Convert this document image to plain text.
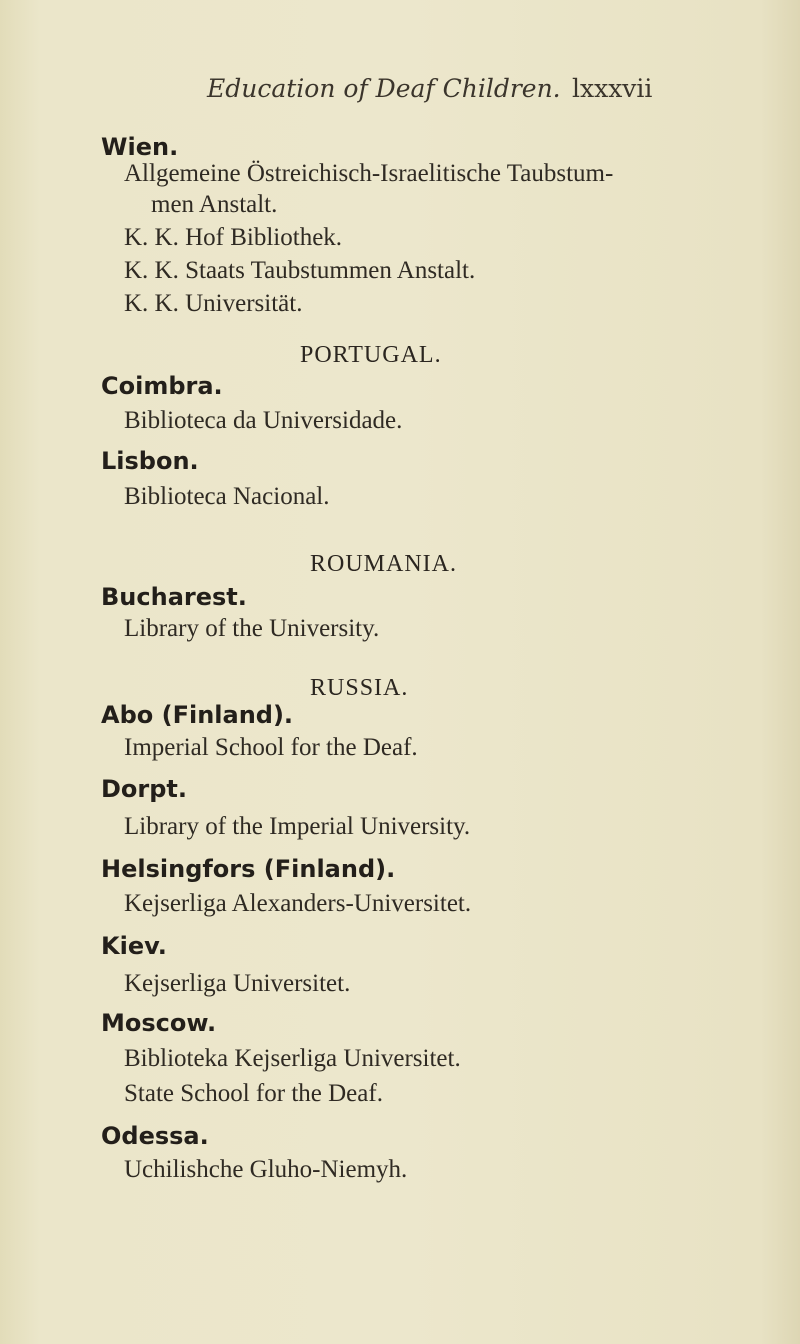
Education of Deaf Children. lxxxvii
Wien.
Allgemeine Östreichisch-Israelitische Taubstum-
men Anstalt.
K. K. Hof Bibliothek.
K. K. Staats Taubstummen Anstalt.
K. K. Universität.
PORTUGAL.
Coimbra.
Biblioteca da Universidade.
Lisbon.
Biblioteca Nacional.
ROUMANIA.
Bucharest.
Library of the University.
RUSSIA.
Abo (Finland).
Imperial School for the Deaf.
Dorpt.
Library of the Imperial University.
Helsingfors (Finland).
Kejserliga Alexanders-Universitet.
Kiev.
Kejserliga Universitet.
Moscow.
Biblioteka Kejserliga Universitet.
State School for the Deaf.
Odessa.
Uchilishche Gluho-Niemyh.
